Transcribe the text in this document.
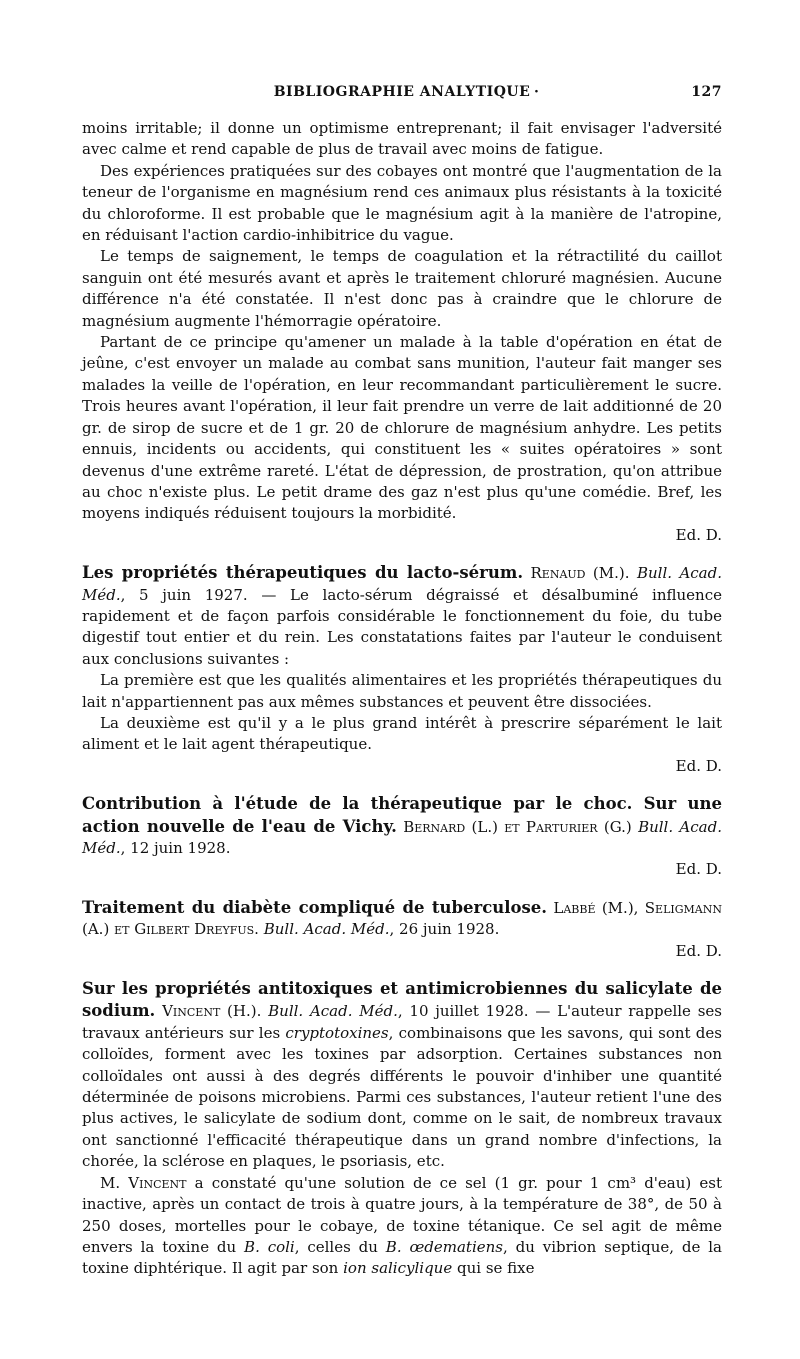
BIBLIOGRAPHIE ANALYTIQUE ·	127

moins irritable; il donne un optimisme entreprenant; il fait envisager l'adversité avec calme et rend capable de plus de travail avec moins de fatigue.

Des expériences pratiquées sur des cobayes ont montré que l'augmentation de la teneur de l'organisme en magnésium rend ces animaux plus résistants à la toxicité du chloroforme. Il est probable que le magnésium agit à la manière de l'atropine, en réduisant l'action cardio-inhibitrice du vague.

Le temps de saignement, le temps de coagulation et la rétractilité du caillot sanguin ont été mesurés avant et après le traitement chloruré magnésien. Aucune différence n'a été constatée. Il n'est donc pas à craindre que le chlorure de magnésium augmente l'hémorragie opératoire.

Partant de ce principe qu'amener un malade à la table d'opération en état de jeûne, c'est envoyer un malade au combat sans munition, l'auteur fait manger ses malades la veille de l'opération, en leur recommandant particulièrement le sucre. Trois heures avant l'opération, il leur fait prendre un verre de lait additionné de 20 gr. de sirop de sucre et de 1 gr. 20 de chlorure de magnésium anhydre. Les petits ennuis, incidents ou accidents, qui constituent les « suites opératoires » sont devenus d'une extrême rareté. L'état de dépression, de prostration, qu'on attribue au choc n'existe plus. Le petit drame des gaz n'est plus qu'une comédie. Bref, les moyens indiqués réduisent toujours la morbidité.

Ed. D.

Les propriétés thérapeutiques du lacto-sérum. Renaud (M.). Bull. Acad. Méd., 5 juin 1927. — Le lacto-sérum dégraissé et désalbuminé influence rapidement et de façon parfois considérable le fonctionnement du foie, du tube digestif tout entier et du rein. Les constatations faites par l'auteur le conduisent aux conclusions suivantes :

La première est que les qualités alimentaires et les propriétés thérapeutiques du lait n'appartiennent pas aux mêmes substances et peuvent être dissociées.

La deuxième est qu'il y a le plus grand intérêt à prescrire séparément le lait aliment et le lait agent thérapeutique.

Ed. D.

Contribution à l'étude de la thérapeutique par le choc. Sur une action nouvelle de l'eau de Vichy. Bernard (L.) et Parturier (G.) Bull. Acad. Méd., 12 juin 1928.

Ed. D.

Traitement du diabète compliqué de tuberculose. Labbé (M.), Seligmann (A.) et Gilbert Dreyfus. Bull. Acad. Méd., 26 juin 1928.

Ed. D.

Sur les propriétés antitoxiques et antimicrobiennes du salicylate de sodium. Vincent (H.). Bull. Acad. Méd., 10 juillet 1928. — L'auteur rappelle ses travaux antérieurs sur les cryptotoxines, combinaisons que les savons, qui sont des colloïdes, forment avec les toxines par adsorption. Certaines substances non colloïdales ont aussi à des degrés différents le pouvoir d'inhiber une quantité déterminée de poisons microbiens. Parmi ces substances, l'auteur retient l'une des plus actives, le salicylate de sodium dont, comme on le sait, de nombreux travaux ont sanctionné l'efficacité thérapeutique dans un grand nombre d'infections, la chorée, la sclérose en plaques, le psoriasis, etc.

M. Vincent a constaté qu'une solution de ce sel (1 gr. pour 1 cm³ d'eau) est inactive, après un contact de trois à quatre jours, à la température de 38°, de 50 à 250 doses, mortelles pour le cobaye, de toxine tétanique. Ce sel agit de même envers la toxine du B. coli, celles du B. œdematiens, du vibrion septique, de la toxine diphtérique. Il agit par son ion salicylique qui se fixe
